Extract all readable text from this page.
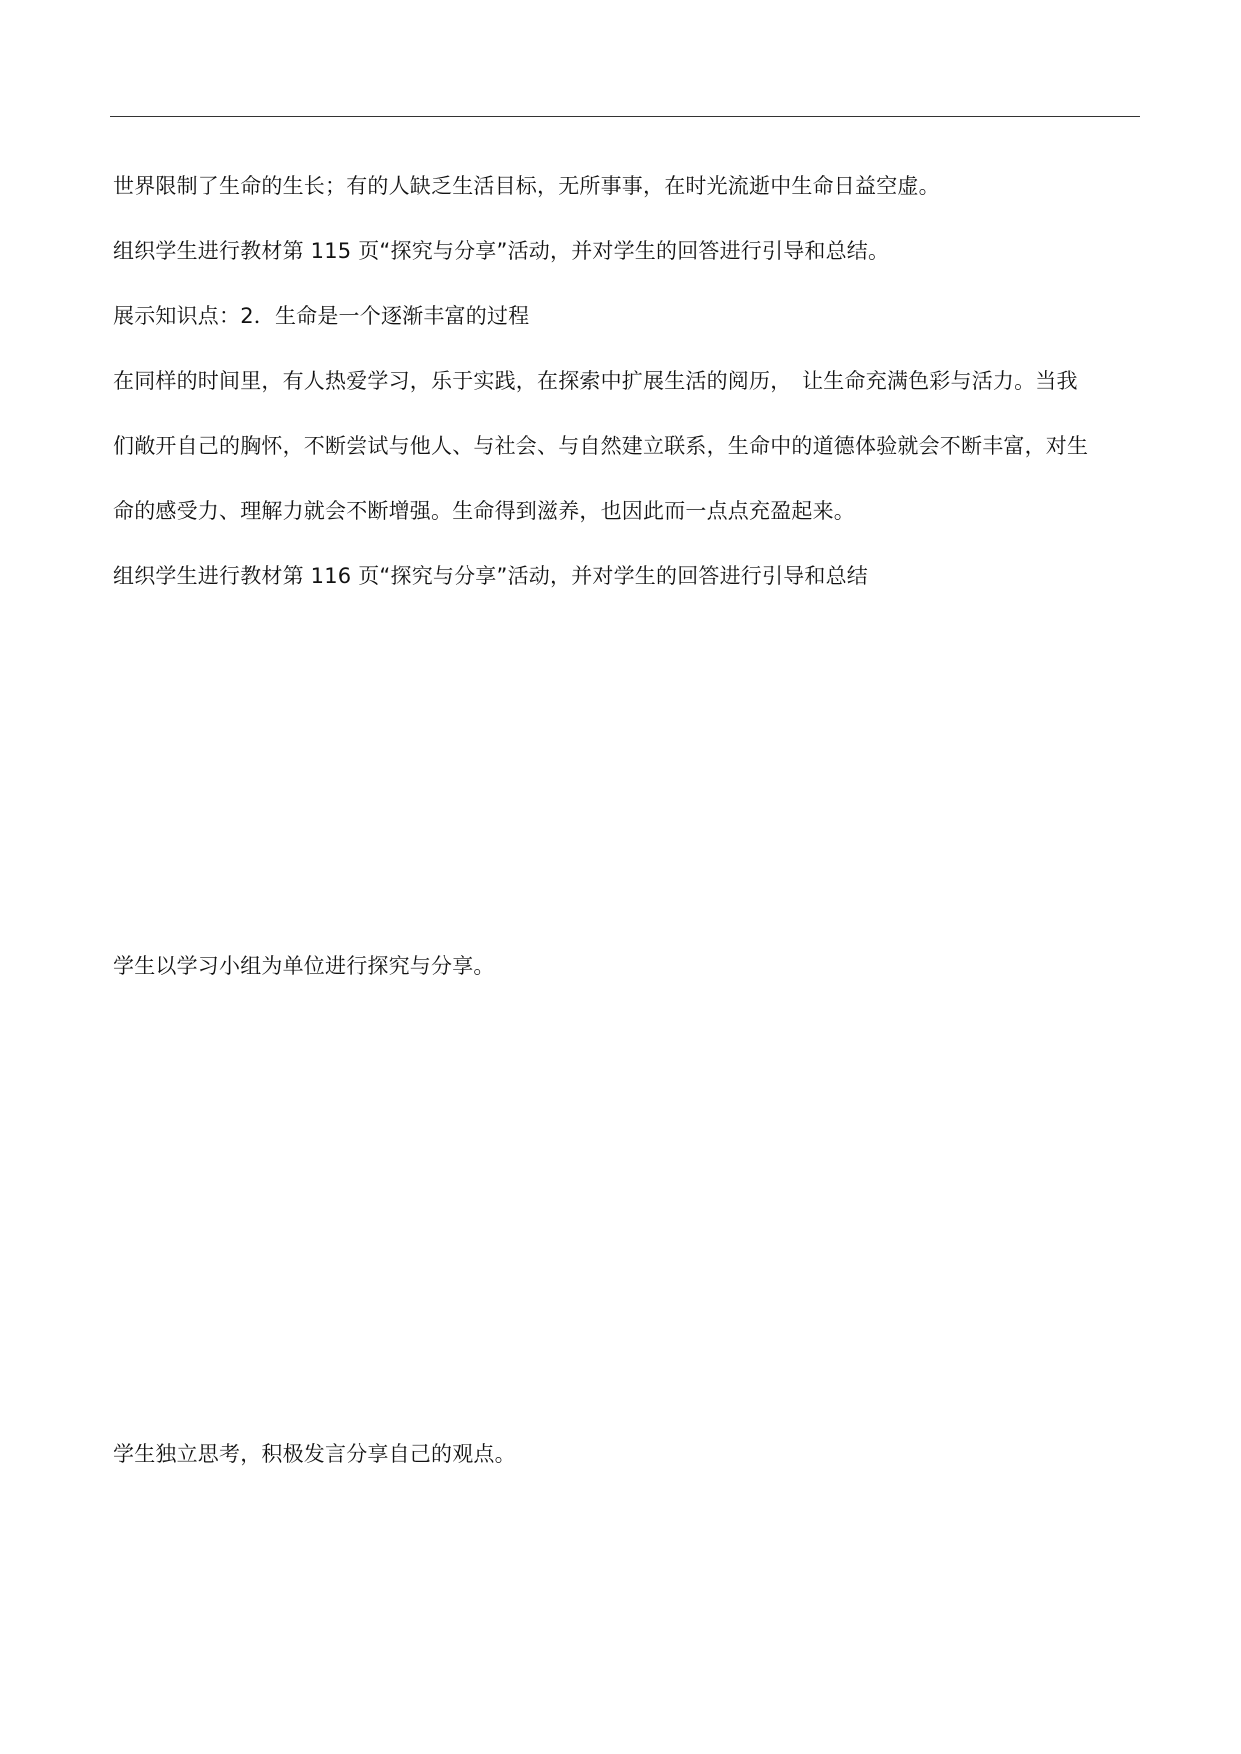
世界限制了生命的生长；有的人缺乏生活目标，无所事事，在时光流逝中生命日益空虚。
组织学生进行教材第 115 页“探究与分享”活动，并对学生的回答进行引导和总结。
展示知识点：2．生命是一个逐渐丰富的过程
在同样的时间里，有人热爱学习，乐于实践，在探索中扩展生活的阅历，　让生命充满色彩与活力。当我
们敞开自己的胸怀，不断尝试与他人、与社会、与自然建立联系，生命中的道德体验就会不断丰富，对生
命的感受力、理解力就会不断增强。生命得到滋养，也因此而一点点充盈起来。
组织学生进行教材第 116 页“探究与分享”活动，并对学生的回答进行引导和总结
学生以学习小组为单位进行探究与分享。
学生独立思考，积极发言分享自己的观点。
